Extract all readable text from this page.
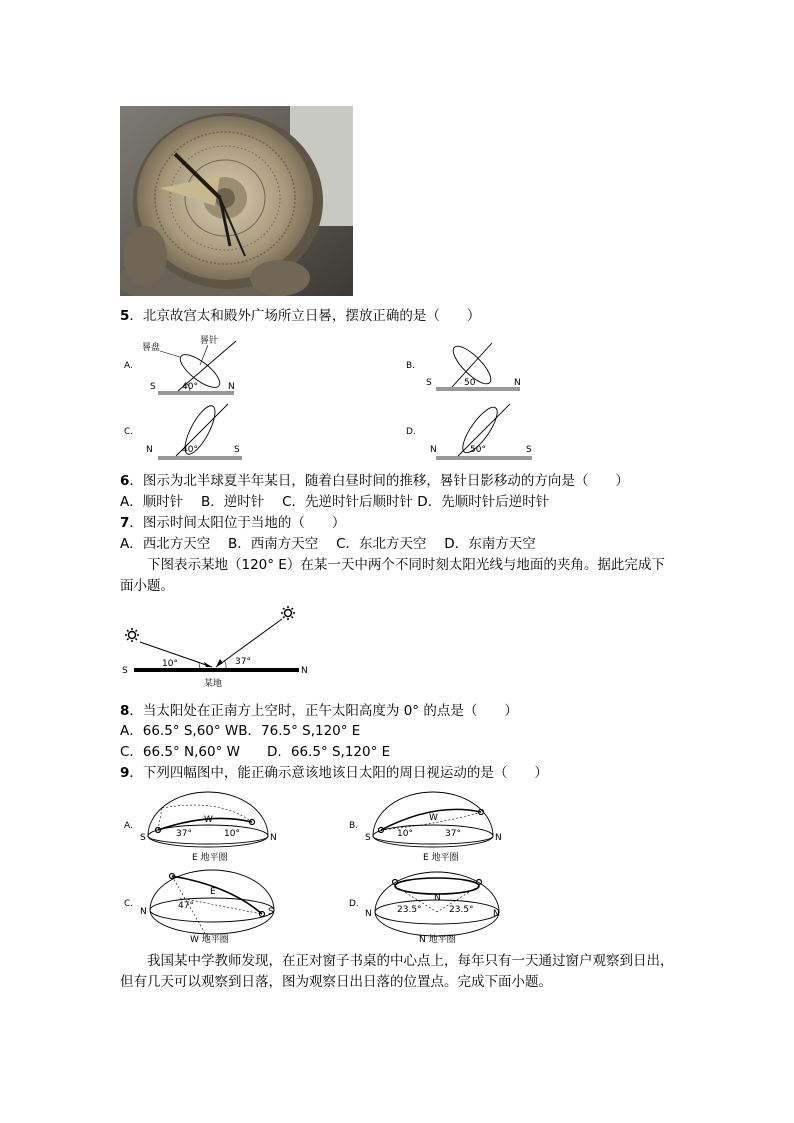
5．北京故宫太和殿外广场所立日晷，摆放正确的是（　　）
A.
晷盘
晷针
S	40°	N
B.
S	50	N
C.
N	40°	S
D.
N	50°	S
6．图示为北半球夏半年某日，随着白昼时间的推移，晷针日影移动的方向是（　　）
A．顺时针　 B．逆时针　 C．先逆时针后顺时针 D．先顺时针后逆时针
7．图示时间太阳位于当地的（　　）
A．西北方天空　 B．西南方天空　 C．东北方天空　 D．东南方天空
下图表示某地（120° E）在某一天中两个不同时刻太阳光线与地面的夹角。据此完成下
面小题。
S
10°	37°
N
某地
8．当太阳处在正南方上空时，正午太阳高度为 0° 的点是（　　）
A．66.5° S,60° WB．76.5° S,120° E
C．66.5° N,60° W　　D．66.5° S,120° E
9．下列四幅图中，能正确示意该地该日太阳的周日视运动的是（　　）
A.
S
W
37°	10°	N
E 地平圈
B.
S
W
10°	37°	N
E 地平圈
C.
N
E
47°
S
W 地平圈
D.
N
N
23.5°	23.5° N
N 地平圈
我国某中学教师发现，在正对窗子书桌的中心点上，每年只有一天通过窗户观察到日出，
但有几天可以观察到日落，图为观察日出日落的位置点。完成下面小题。
